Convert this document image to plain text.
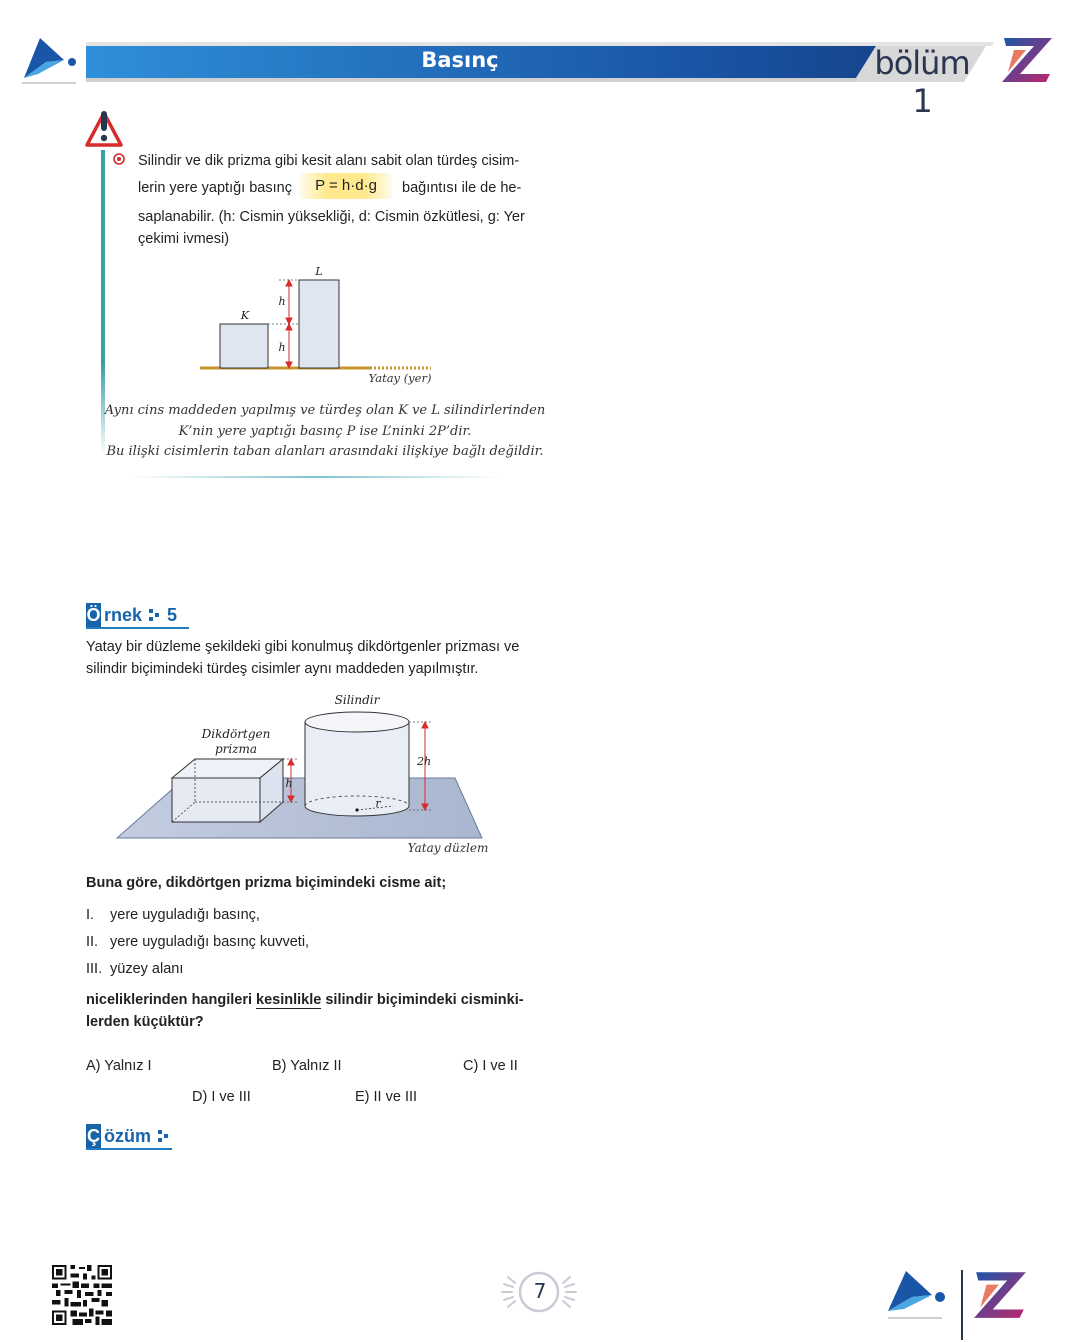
Basınç	bölüm 1
Silindir ve dik prizma gibi kesit alanı sabit olan türdeş cisim-
lerin yere yaptığı basınç	P = h·d·g	bağıntısı ile de he-
saplanabilir. (h: Cismin yüksekliği, d: Cismin özkütlesi, g: Yer
çekimi ivmesi)
K
L
h
h
Yatay (yer)
Aynı cins maddeden yapılmış ve türdeş olan K ve L silindirlerinden
K’nin yere yaptığı basınç P ise L’ninki 2P’dir.
Bu ilişki cisimlerin taban alanları arasındaki ilişkiye bağlı değildir.
Ö rnek 5
Yatay bir düzleme şekildeki gibi konulmuş dikdörtgenler prizması ve
silindir biçimindeki türdeş cisimler aynı maddeden yapılmıştır.
Silindir
Dikdörtgen
prizma
h
2h
r
Yatay düzlem
Buna göre, dikdörtgen prizma biçimindeki cisme ait;
I. yere uyguladığı basınç,
II. yere uyguladığı basınç kuvveti,
III. yüzey alanı
niceliklerinden hangileri kesinlikle silindir biçimindeki cisminki-
lerden küçüktür?
A) Yalnız I	B) Yalnız II	C) I ve II
D) I ve III	E) II ve III
Ç özüm
7
